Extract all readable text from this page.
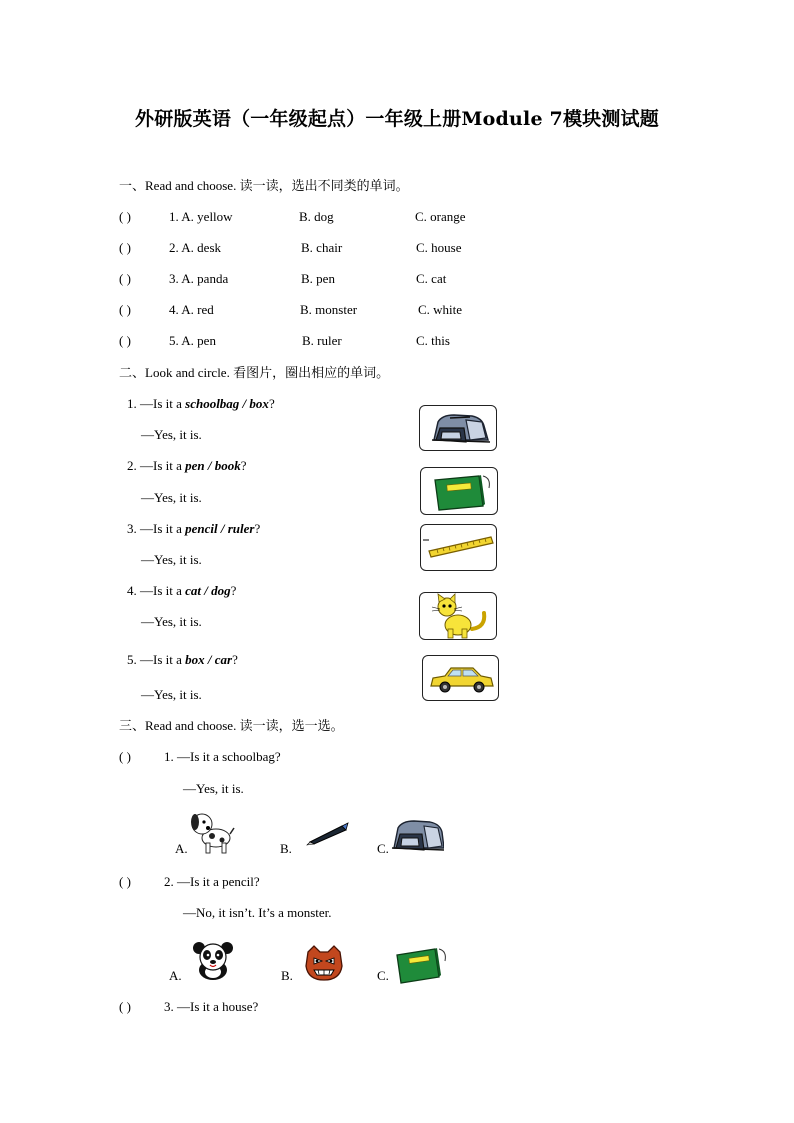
外研版英语（一年级起点）一年级上册Module 7模块测试题
一、Read and choose. 读一读，选出不同类的单词。
( )	1. A. yellow	B. dog	C. orange
( )	2. A. desk	B. chair	C. house
( )	3. A. panda	B. pen	C. cat
( )	4. A. red	B. monster	C. white
( )	5. A. pen	B. ruler	C. this
二、Look and circle. 看图片，圈出相应的单词。
1. —Is it a schoolbag / box?
—Yes, it is.
2. —Is it a pen / book?
—Yes, it is.
3. —Is it a pencil / ruler?
—Yes, it is.
4. —Is it a cat / dog?
—Yes, it is.
5. —Is it a box / car?
—Yes, it is.
三、Read and choose. 读一读，选一选。
( )	1. —Is it a schoolbag?
—Yes, it is.
A.	B.	C.
( )	2. —Is it a pencil?
—No, it isn’t. It’s a monster.
A.	B.	C.
( )	3. —Is it a house?
